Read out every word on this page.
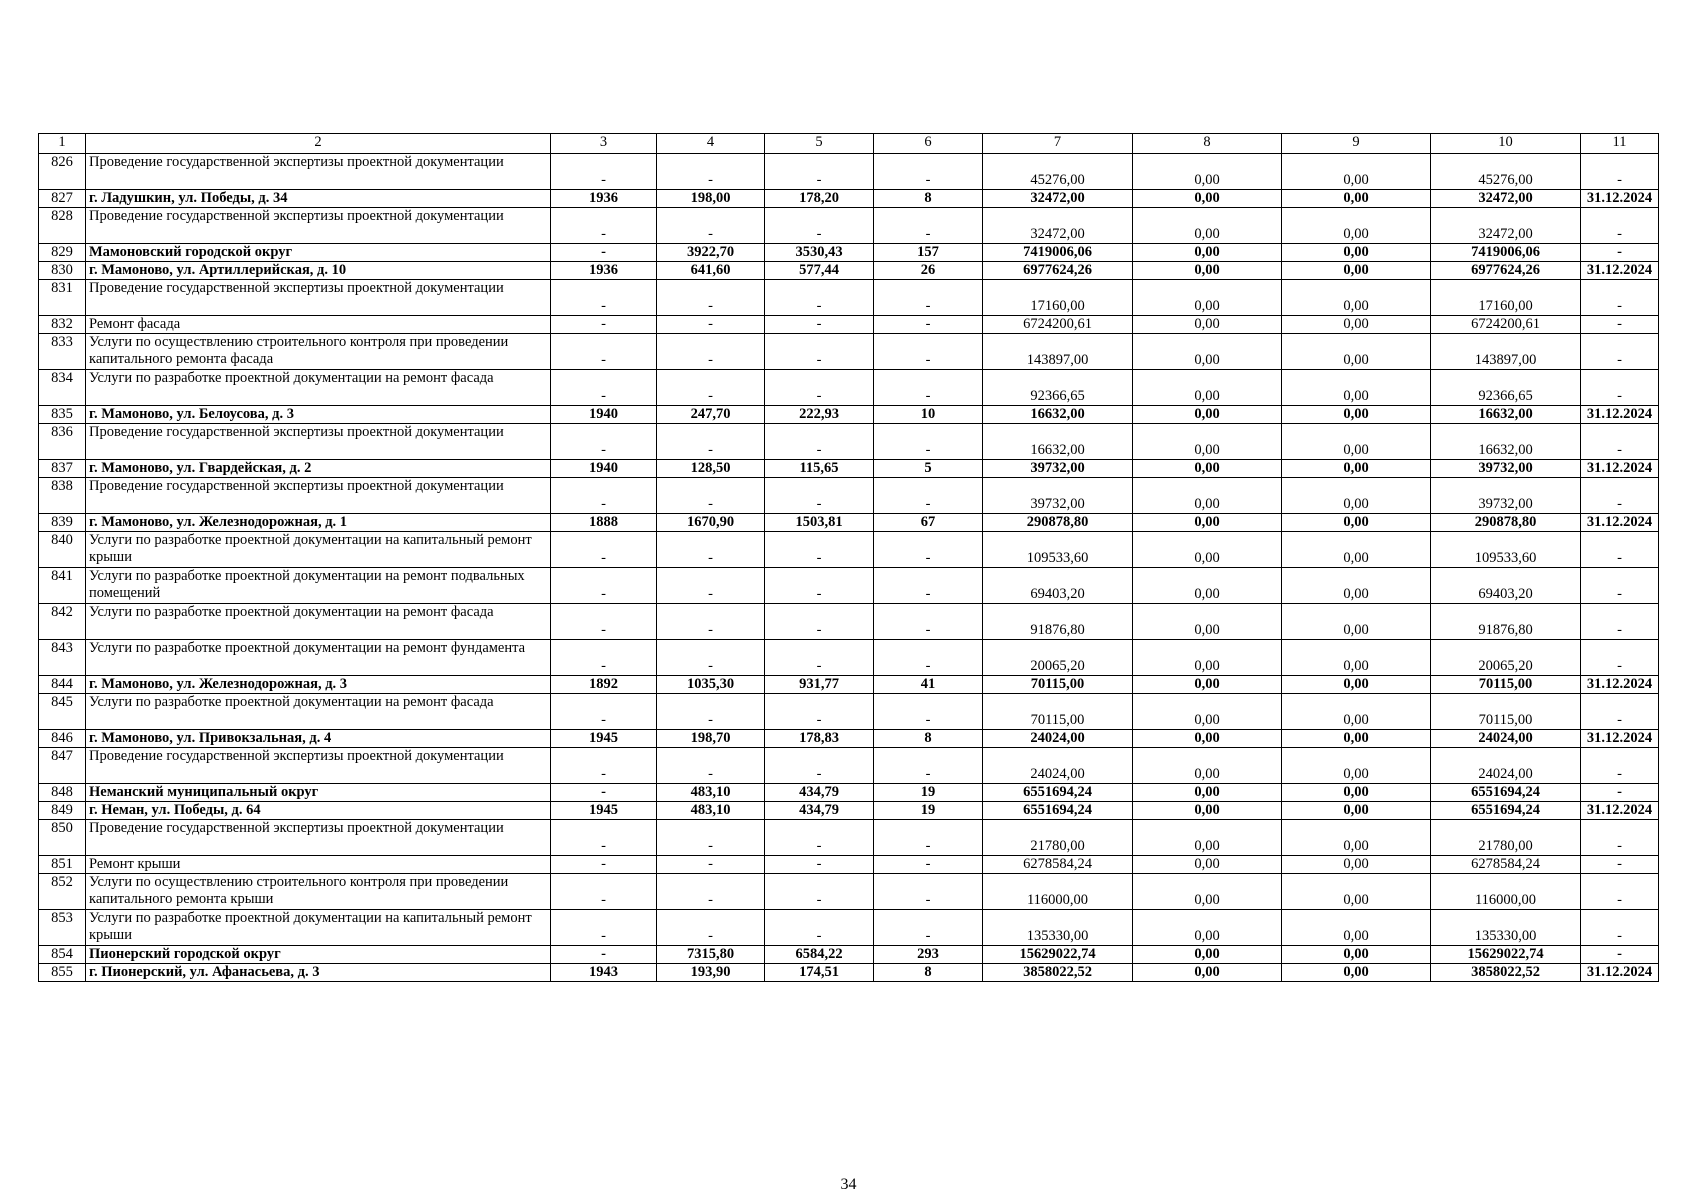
1	2	3	4	5	6	7	8	9	10	11
826	Проведение государственной экспертизы проектной документации	-	-	-	-	45276,00	0,00	0,00	45276,00	-
827	г. Ладушкин, ул. Победы, д. 34	1936	198,00	178,20	8	32472,00	0,00	0,00	32472,00	31.12.2024
828	Проведение государственной экспертизы проектной документации	-	-	-	-	32472,00	0,00	0,00	32472,00	-
829	Мамоновский городской округ	-	3922,70	3530,43	157	7419006,06	0,00	0,00	7419006,06	-
830	г. Мамоново, ул. Артиллерийская, д. 10	1936	641,60	577,44	26	6977624,26	0,00	0,00	6977624,26	31.12.2024
831	Проведение государственной экспертизы проектной документации	-	-	-	-	17160,00	0,00	0,00	17160,00	-
832	Ремонт фасада	-	-	-	-	6724200,61	0,00	0,00	6724200,61	-
833	Услуги по осуществлению строительного контроля при проведении капитального ремонта фасада	-	-	-	-	143897,00	0,00	0,00	143897,00	-
834	Услуги по разработке проектной документации на ремонт фасада	-	-	-	-	92366,65	0,00	0,00	92366,65	-
835	г. Мамоново, ул. Белоусова, д. 3	1940	247,70	222,93	10	16632,00	0,00	0,00	16632,00	31.12.2024
836	Проведение государственной экспертизы проектной документации	-	-	-	-	16632,00	0,00	0,00	16632,00	-
837	г. Мамоново, ул. Гвардейская, д. 2	1940	128,50	115,65	5	39732,00	0,00	0,00	39732,00	31.12.2024
838	Проведение государственной экспертизы проектной документации	-	-	-	-	39732,00	0,00	0,00	39732,00	-
839	г. Мамоново, ул. Железнодорожная, д. 1	1888	1670,90	1503,81	67	290878,80	0,00	0,00	290878,80	31.12.2024
840	Услуги по разработке проектной документации на капитальный ремонт крыши	-	-	-	-	109533,60	0,00	0,00	109533,60	-
841	Услуги по разработке проектной документации на ремонт подвальных помещений	-	-	-	-	69403,20	0,00	0,00	69403,20	-
842	Услуги по разработке проектной документации на ремонт фасада	-	-	-	-	91876,80	0,00	0,00	91876,80	-
843	Услуги по разработке проектной документации на ремонт фундамента	-	-	-	-	20065,20	0,00	0,00	20065,20	-
844	г. Мамоново, ул. Железнодорожная, д. 3	1892	1035,30	931,77	41	70115,00	0,00	0,00	70115,00	31.12.2024
845	Услуги по разработке проектной документации на ремонт фасада	-	-	-	-	70115,00	0,00	0,00	70115,00	-
846	г. Мамоново, ул. Привокзальная, д. 4	1945	198,70	178,83	8	24024,00	0,00	0,00	24024,00	31.12.2024
847	Проведение государственной экспертизы проектной документации	-	-	-	-	24024,00	0,00	0,00	24024,00	-
848	Неманский муниципальный округ	-	483,10	434,79	19	6551694,24	0,00	0,00	6551694,24	-
849	г. Неман, ул. Победы, д. 64	1945	483,10	434,79	19	6551694,24	0,00	0,00	6551694,24	31.12.2024
850	Проведение государственной экспертизы проектной документации	-	-	-	-	21780,00	0,00	0,00	21780,00	-
851	Ремонт крыши	-	-	-	-	6278584,24	0,00	0,00	6278584,24	-
852	Услуги по осуществлению строительного контроля при проведении капитального ремонта крыши	-	-	-	-	116000,00	0,00	0,00	116000,00	-
853	Услуги по разработке проектной документации на капитальный ремонт крыши	-	-	-	-	135330,00	0,00	0,00	135330,00	-
854	Пионерский городской округ	-	7315,80	6584,22	293	15629022,74	0,00	0,00	15629022,74	-
855	г. Пионерский, ул. Афанасьева, д. 3	1943	193,90	174,51	8	3858022,52	0,00	0,00	3858022,52	31.12.2024
34
